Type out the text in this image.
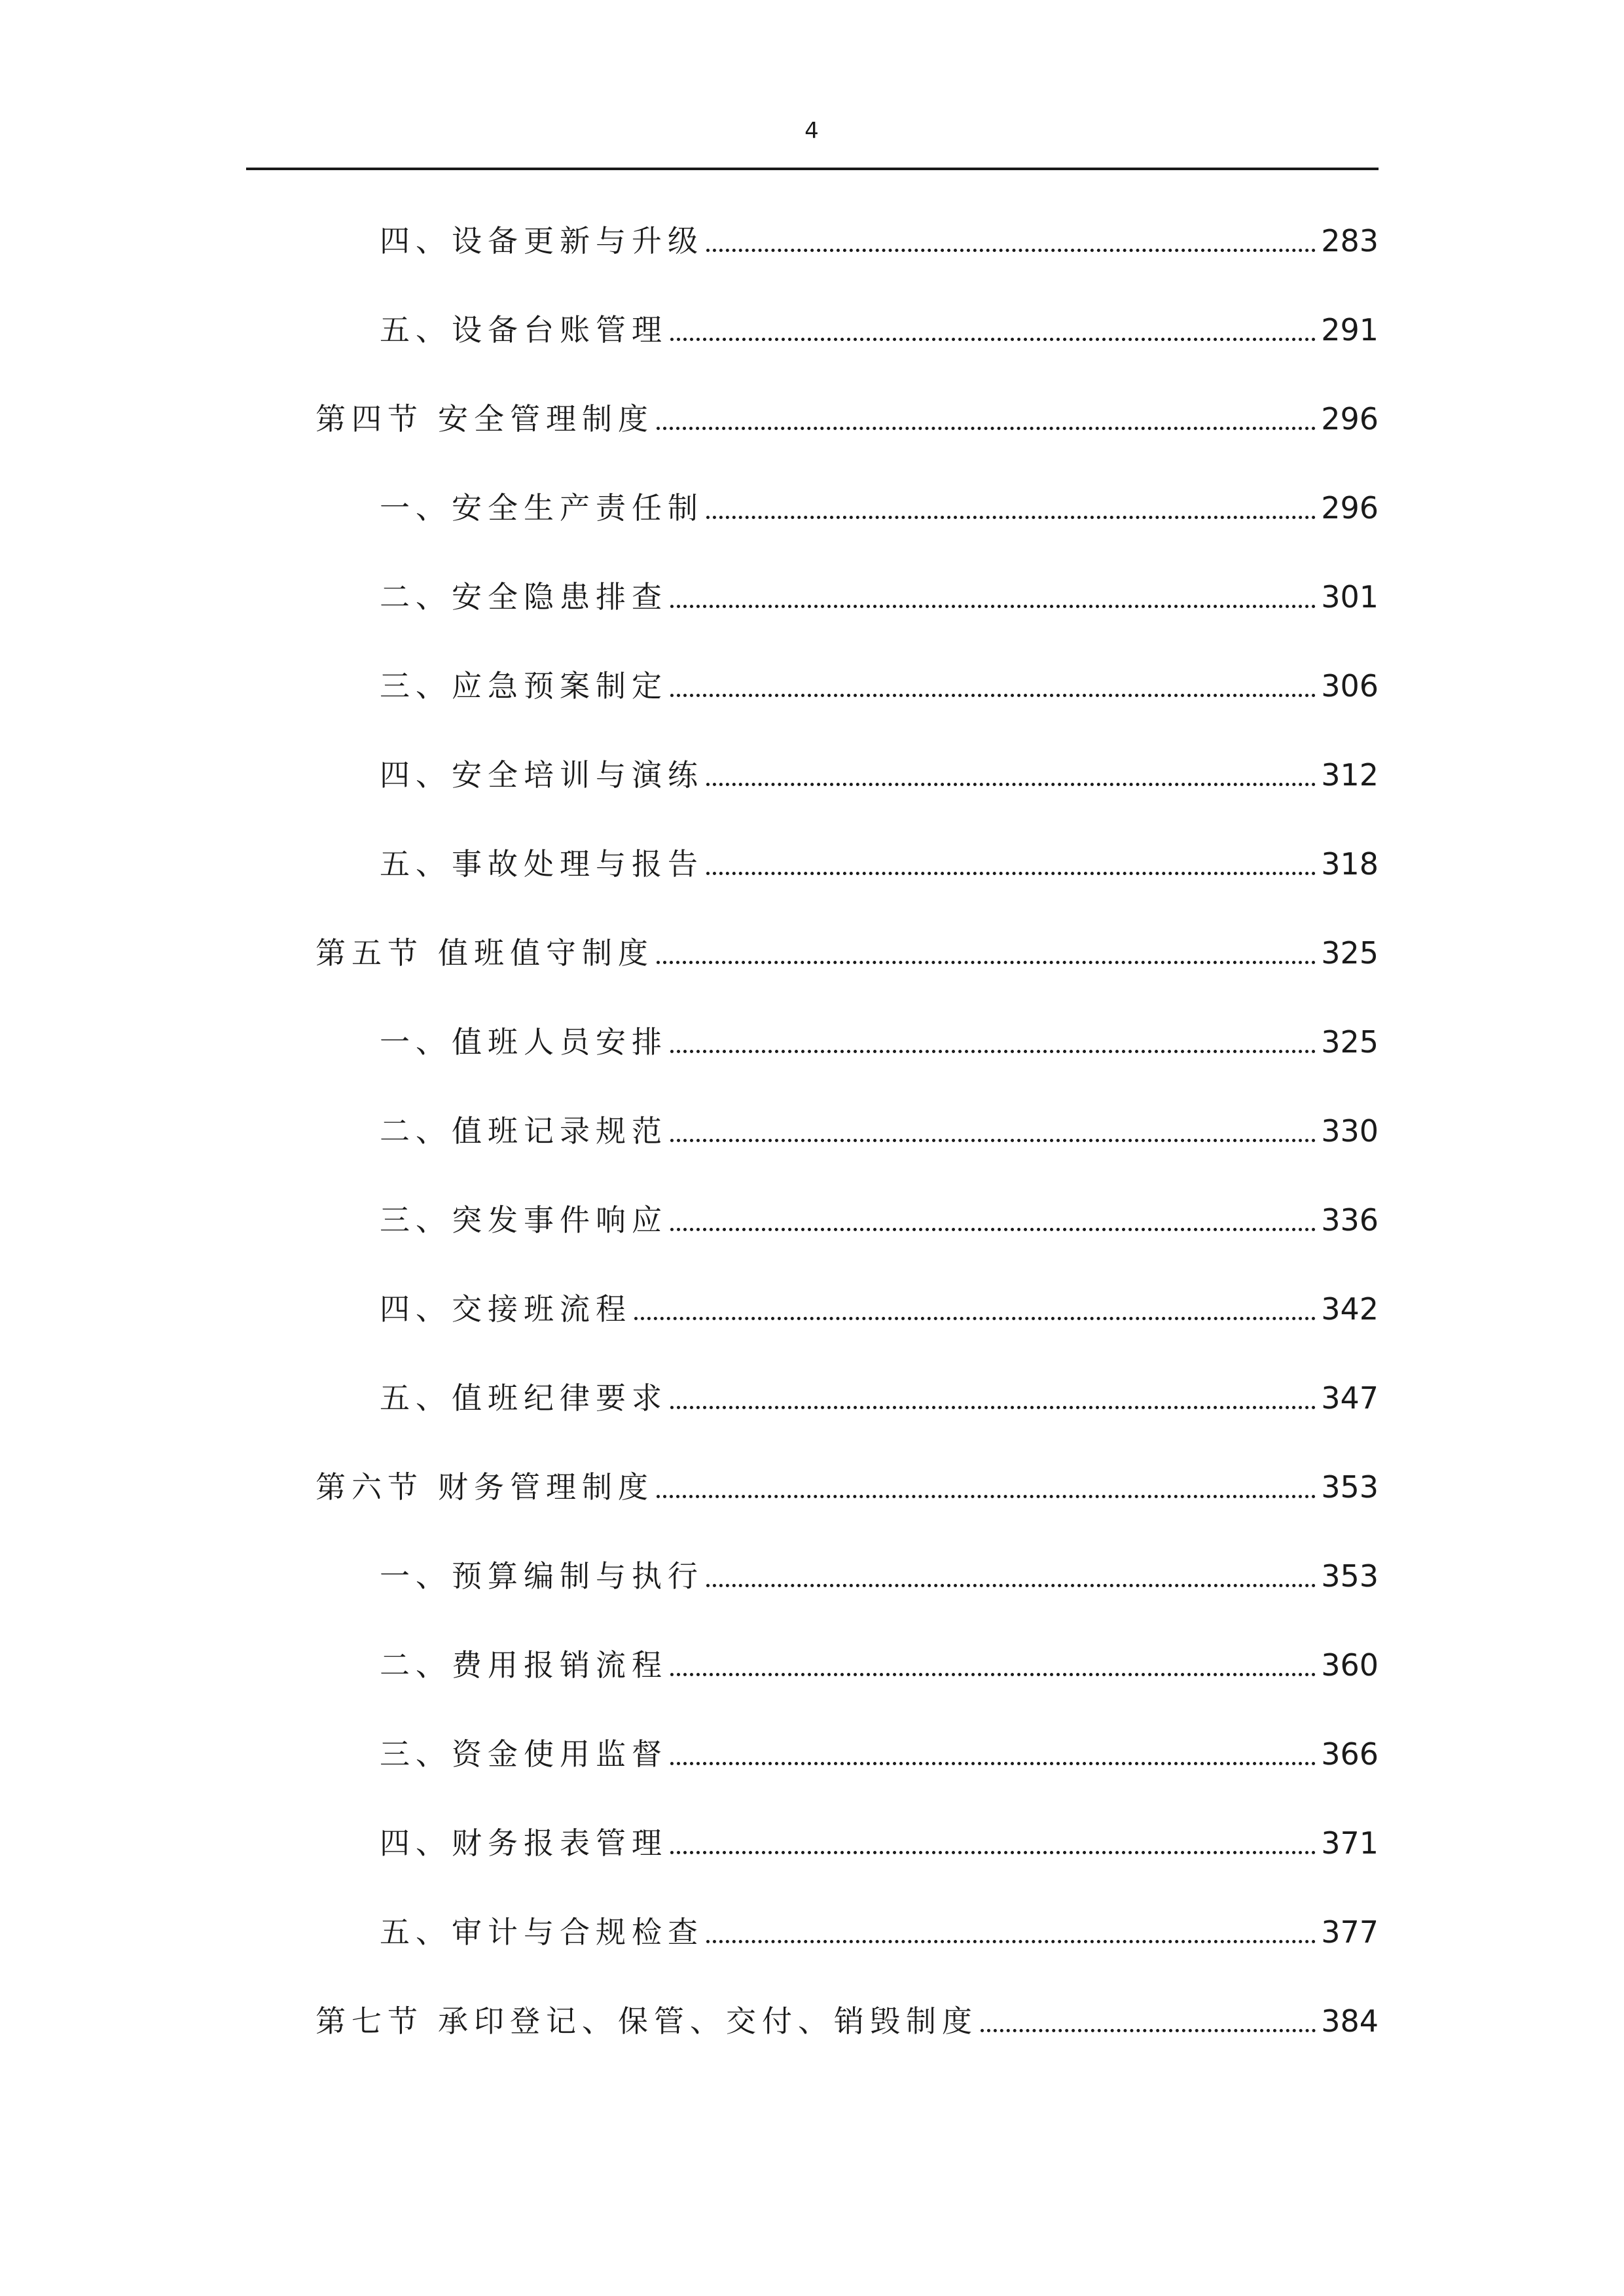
4
四、设备更新与升级	283
五、设备台账管理	291
第四节 安全管理制度	296
一、安全生产责任制	296
二、安全隐患排查	301
三、应急预案制定	306
四、安全培训与演练	312
五、事故处理与报告	318
第五节 值班值守制度	325
一、值班人员安排	325
二、值班记录规范	330
三、突发事件响应	336
四、交接班流程	342
五、值班纪律要求	347
第六节 财务管理制度	353
一、预算编制与执行	353
二、费用报销流程	360
三、资金使用监督	366
四、财务报表管理	371
五、审计与合规检查	377
第七节 承印登记、保管、交付、销毁制度	384
